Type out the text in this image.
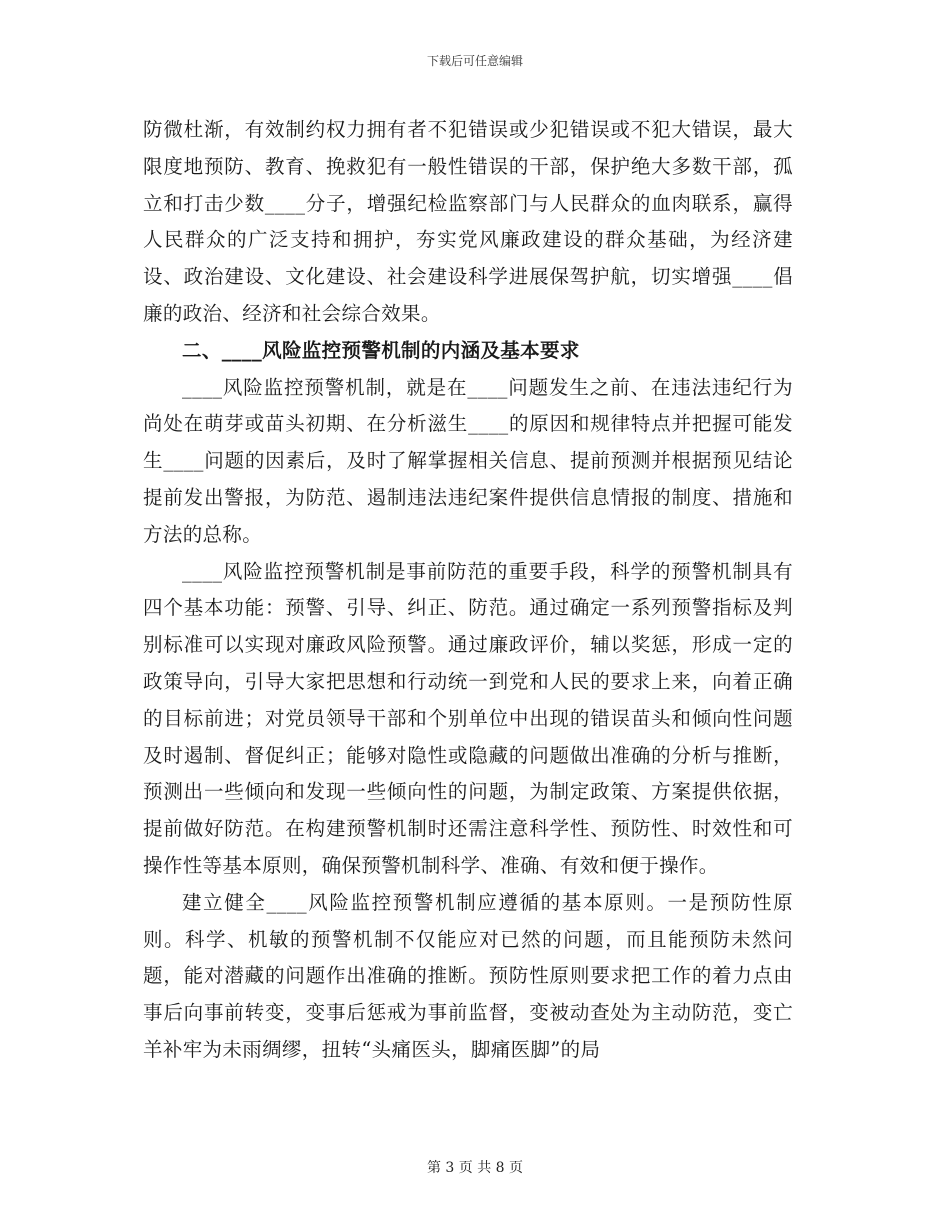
下载后可任意编辑

防微杜渐，有效制约权力拥有者不犯错误或少犯错误或不犯大错误，最大限度地预防、教育、挽救犯有一般性错误的干部，保护绝大多数干部，孤立和打击少数____分子，增强纪检监察部门与人民群众的血肉联系，赢得人民群众的广泛支持和拥护，夯实党风廉政建设的群众基础，为经济建设、政治建设、文化建设、社会建设科学进展保驾护航，切实增强____倡廉的政治、经济和社会综合效果。

二、____风险监控预警机制的内涵及基本要求

____风险监控预警机制，就是在____问题发生之前、在违法违纪行为尚处在萌芽或苗头初期、在分析滋生____的原因和规律特点并把握可能发生____问题的因素后，及时了解掌握相关信息、提前预测并根据预见结论提前发出警报，为防范、遏制违法违纪案件提供信息情报的制度、措施和方法的总称。

____风险监控预警机制是事前防范的重要手段，科学的预警机制具有四个基本功能：预警、引导、纠正、防范。通过确定一系列预警指标及判别标准可以实现对廉政风险预警。通过廉政评价，辅以奖惩，形成一定的政策导向，引导大家把思想和行动统一到党和人民的要求上来，向着正确的目标前进；对党员领导干部和个别单位中出现的错误苗头和倾向性问题及时遏制、督促纠正；能够对隐性或隐藏的问题做出准确的分析与推断，预测出一些倾向和发现一些倾向性的问题，为制定政策、方案提供依据，提前做好防范。在构建预警机制时还需注意科学性、预防性、时效性和可操作性等基本原则，确保预警机制科学、准确、有效和便于操作。

建立健全____风险监控预警机制应遵循的基本原则。一是预防性原则。科学、机敏的预警机制不仅能应对已然的问题，而且能预防未然问题，能对潜藏的问题作出准确的推断。预防性原则要求把工作的着力点由事后向事前转变，变事后惩戒为事前监督，变被动查处为主动防范，变亡羊补牢为未雨绸缪，扭转“头痛医头，脚痛医脚”的局

第 3 页 共 8 页
